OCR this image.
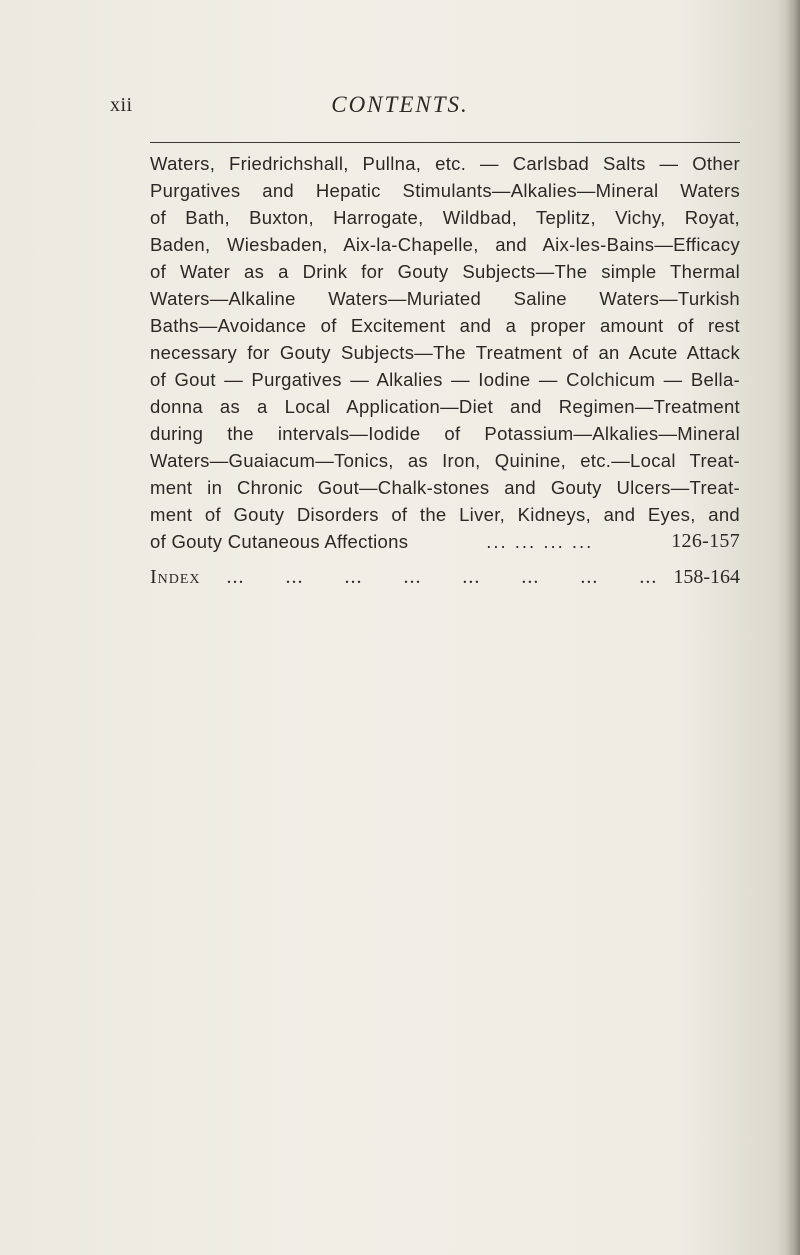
xii	CONTENTS.
Waters, Friedrichshall, Pullna, etc. — Carlsbad Salts — Other
Purgatives and Hepatic Stimulants—Alkalies—Mineral Waters
of Bath, Buxton, Harrogate, Wildbad, Teplitz, Vichy, Royat,
Baden, Wiesbaden, Aix-la-Chapelle, and Aix-les-Bains—Efficacy
of Water as a Drink for Gouty Subjects—The simple Thermal
Waters—Alkaline Waters—Muriated Saline Waters—Turkish
Baths—Avoidance of Excitement and a proper amount of rest
necessary for Gouty Subjects—The Treatment of an Acute Attack
of Gout — Purgatives — Alkalies — Iodine — Colchicum — Bella-
donna as a Local Application—Diet and Regimen—Treatment
during the intervals—Iodide of Potassium—Alkalies—Mineral
Waters—Guaiacum—Tonics, as Iron, Quinine, etc.—Local Treat-
ment in Chronic Gout—Chalk-stones and Gouty Ulcers—Treat-
ment of Gouty Disorders of the Liver, Kidneys, and Eyes, and
of Gouty Cutaneous Affections	... ... ... ...	126-157
Index ... ... ... ... ... ... ... ... 158-164
